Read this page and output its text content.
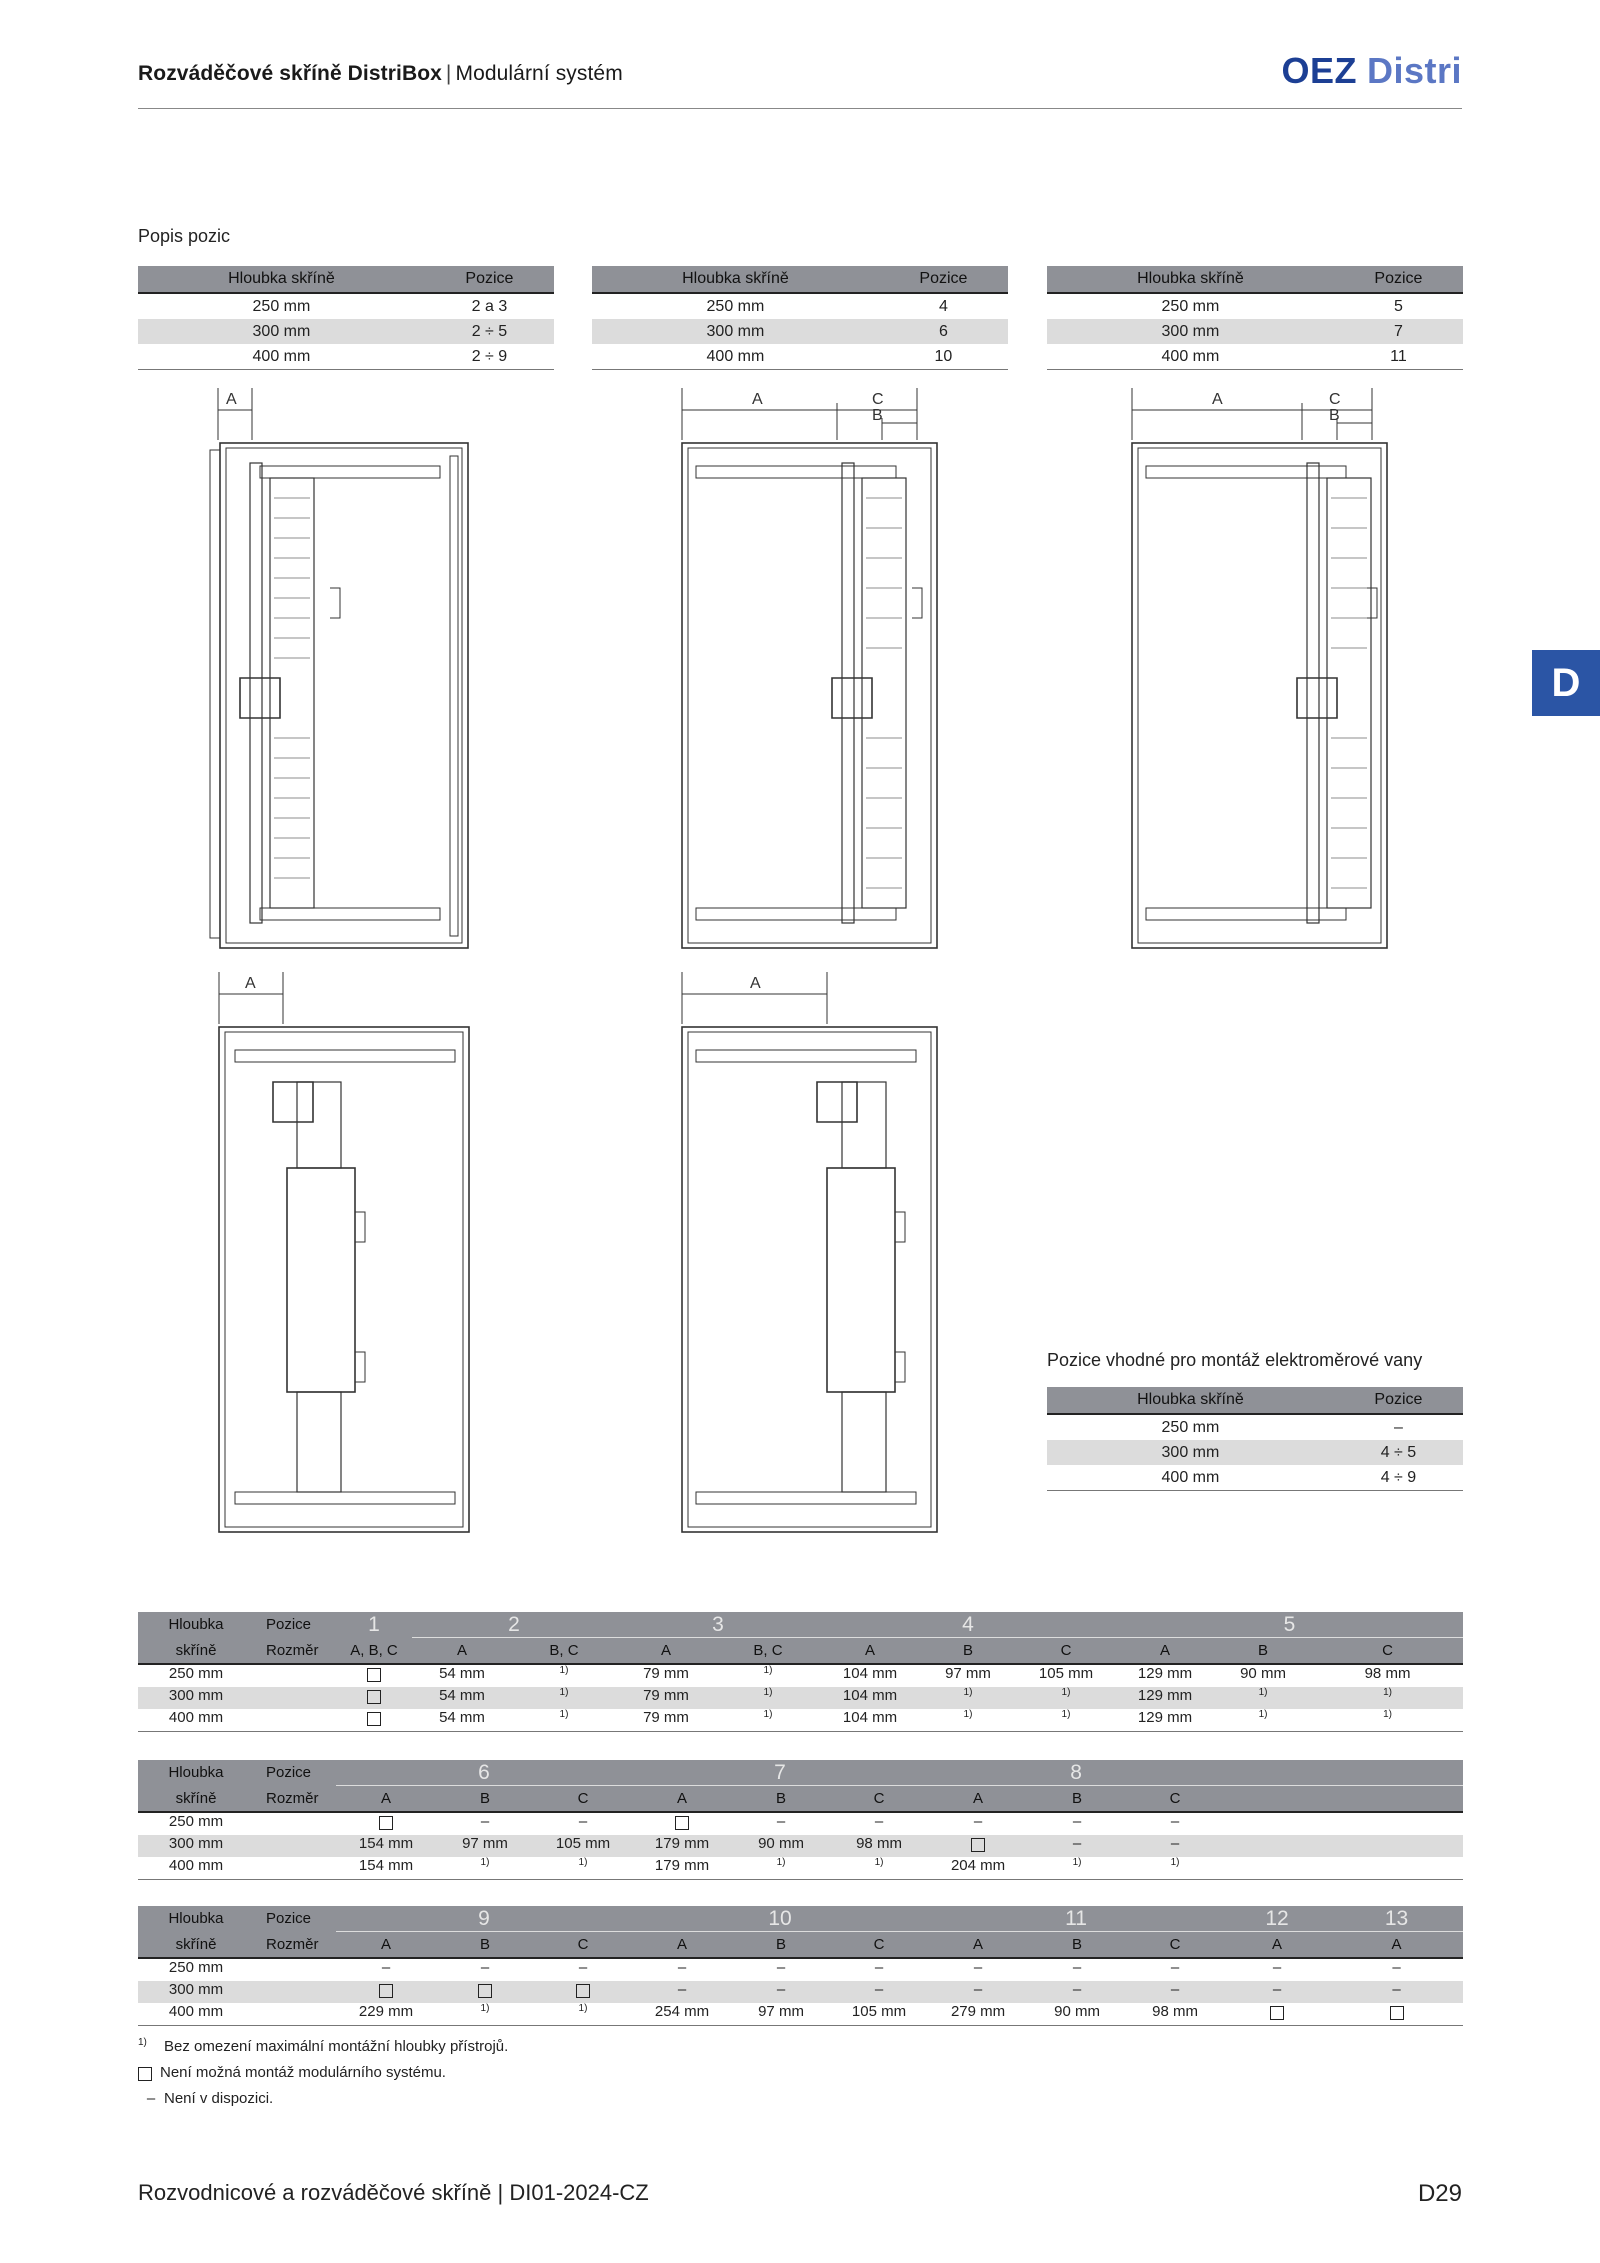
Rozváděčové skříně DistriBox | Modulární systém	OEZ Distri
D
Popis pozic
Hloubka skříně	Pozice
250 mm	2 a 3
300 mm	2 ÷ 5
400 mm	2 ÷ 9
Hloubka skříně	Pozice
250 mm	4
300 mm	6
400 mm	10
Hloubka skříně	Pozice
250 mm	5
300 mm	7
400 mm	11
A	A	C
B
A	C
B
A	A
Pozice vhodné pro montáž elektroměrové vany
Hloubka skříně	Pozice
250 mm	–
300 mm	4 ÷ 5
400 mm	4 ÷ 9
Hloubka	Pozice	1	2		3		4			5		
skříně	Rozměr	A, B, C	A	B, C	A	B, C	A	B	C	A	B	C
250 mm			54 mm	$^{1)}$	79 mm	$^{1)}$	104 mm	97 mm	105 mm	129 mm	90 mm	98 mm
300 mm			54 mm	$^{1)}$	79 mm	$^{1)}$	104 mm	$^{1)}$	$^{1)}$	129 mm	$^{1)}$	$^{1)}$
400 mm			54 mm	$^{1)}$	79 mm	$^{1)}$	104 mm	$^{1)}$	$^{1)}$	129 mm	$^{1)}$	$^{1)}$
Hloubka	Pozice	6			7			8			
skříně	Rozměr	A	B	C	A	B	C	A	B	C	
250 mm			–	–		–	–	–	–	–	
300 mm		154 mm	97 mm	105 mm	179 mm	90 mm	98 mm		–	–	
400 mm		154 mm	$^{1)}$	$^{1)}$	179 mm	$^{1)}$	$^{1)}$	204 mm	$^{1)}$	$^{1)}$	
Hloubka	Pozice	9			10			11			12	13
skříně	Rozměr	A	B	C	A	B	C	A	B	C	A	A
250 mm		–	–	–	–	–	–	–	–	–	–	–
300 mm					–	–	–	–	–	–	–	–
400 mm		229 mm	$^{1)}$	$^{1)}$	254 mm	97 mm	105 mm	279 mm	90 mm	98 mm		
$^{1)}$ Bez omezení maximální montážní hloubky přístrojů.
Není možná montáž modulárního systému.
– Není v dispozici.
Rozvodnicové a rozváděčové skříně | DI01-2024-CZ	D29
